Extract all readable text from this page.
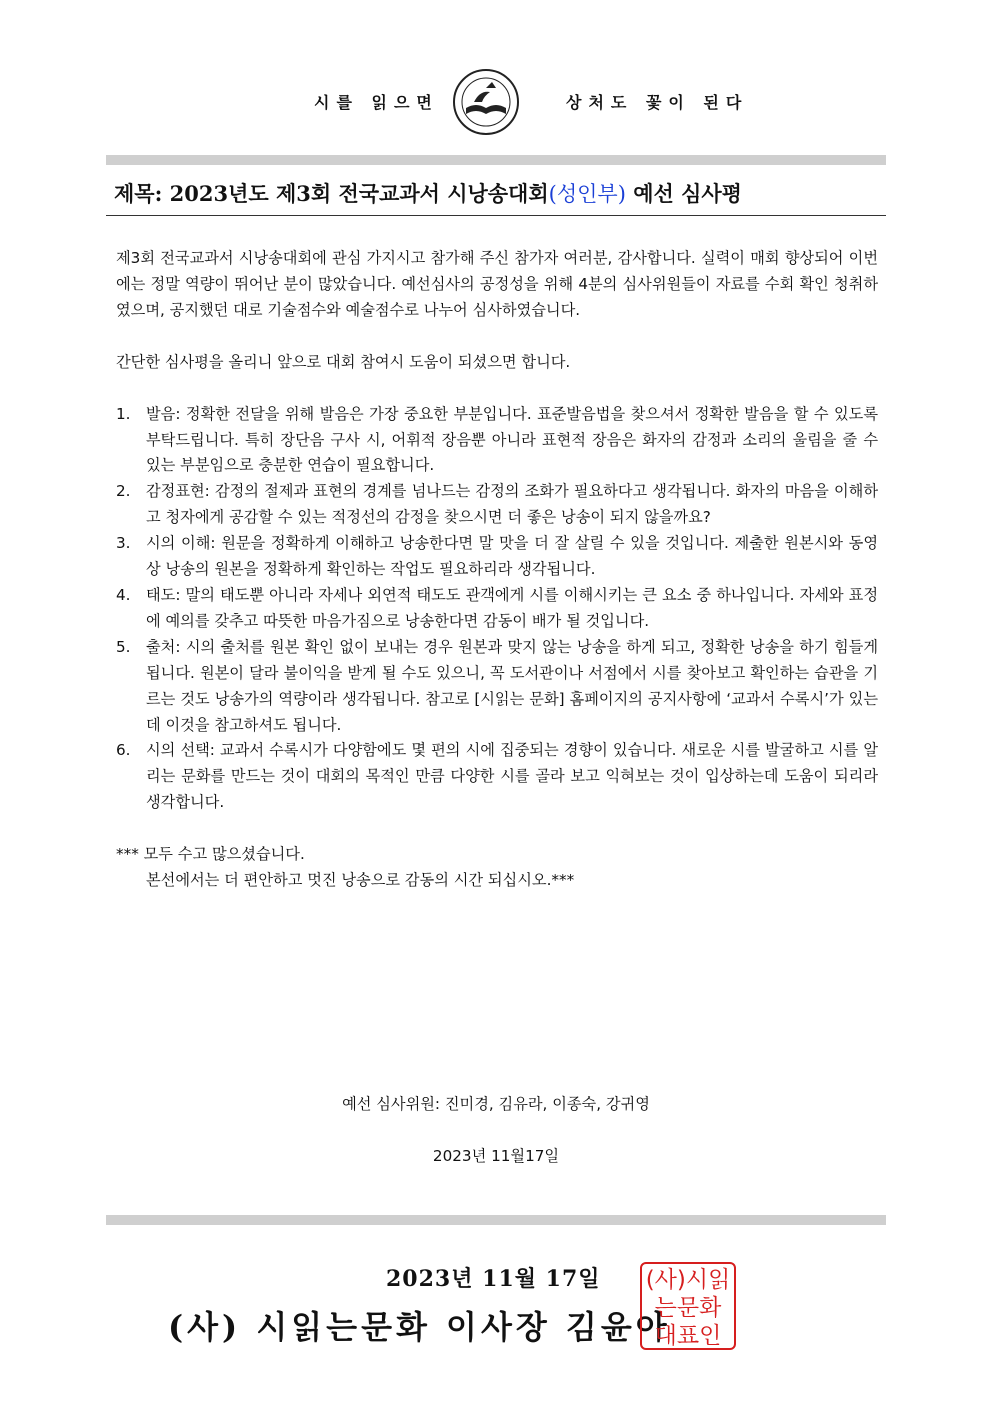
시를 읽으면	상처도 꽃이 된다
제목: 2023년도 제3회 전국교과서 시낭송대회(성인부) 예선 심사평

제3회 전국교과서 시낭송대회에 관심 가지시고 참가해 주신 참가자 여러분, 감사합니다. 실력이 매회 향상되어 이번에는 정말 역량이 뛰어난 분이 많았습니다. 예선심사의 공정성을 위해 4분의 심사위원들이 자료를 수회 확인 청취하였으며, 공지했던 대로 기술점수와 예술점수로 나누어 심사하였습니다.

간단한 심사평을 올리니 앞으로 대회 참여시 도움이 되셨으면 합니다.

1. 발음: 정확한 전달을 위해 발음은 가장 중요한 부분입니다. 표준발음법을 찾으셔서 정확한 발음을 할 수 있도록 부탁드립니다. 특히 장단음 구사 시, 어휘적 장음뿐 아니라 표현적 장음은 화자의 감정과 소리의 울림을 줄 수 있는 부분임으로 충분한 연습이 필요합니다.
2. 감정표현: 감정의 절제과 표현의 경계를 넘나드는 감정의 조화가 필요하다고 생각됩니다. 화자의 마음을 이해하고 청자에게 공감할 수 있는 적정선의 감정을 찾으시면 더 좋은 낭송이 되지 않을까요?
3. 시의 이해: 원문을 정확하게 이해하고 낭송한다면 말 맛을 더 잘 살릴 수 있을 것입니다. 제출한 원본시와 동영상 낭송의 원본을 정확하게 확인하는 작업도 필요하리라 생각됩니다.
4. 태도: 말의 태도뿐 아니라 자세나 외연적 태도도 관객에게 시를 이해시키는 큰 요소 중 하나입니다. 자세와 표정에 예의를 갖추고 따뜻한 마음가짐으로 낭송한다면 감동이 배가 될 것입니다.
5. 출처: 시의 출처를 원본 확인 없이 보내는 경우 원본과 맞지 않는 낭송을 하게 되고, 정확한 낭송을 하기 힘들게 됩니다. 원본이 달라 불이익을 받게 될 수도 있으니, 꼭 도서관이나 서점에서 시를 찾아보고 확인하는 습관을 기르는 것도 낭송가의 역량이라 생각됩니다. 참고로 [시읽는 문화] 홈페이지의 공지사항에 ‘교과서 수록시’가 있는데 이것을 참고하셔도 됩니다.
6. 시의 선택: 교과서 수록시가 다양함에도 몇 편의 시에 집중되는 경향이 있습니다. 새로운 시를 발굴하고 시를 알리는 문화를 만드는 것이 대회의 목적인 만큼 다양한 시를 골라 보고 익혀보는 것이 입상하는데 도움이 되리라 생각합니다.

*** 모두 수고 많으셨습니다.

본선에서는 더 편안하고 멋진 낭송으로 감동의 시간 되십시오.***

예선 심사위원: 진미경, 김유라, 이종숙, 강귀영
2023년 11월17일
2023년 11월 17일
(사) 시읽는문화 이사장 김윤아
(사)시읽
는문화
대표인
